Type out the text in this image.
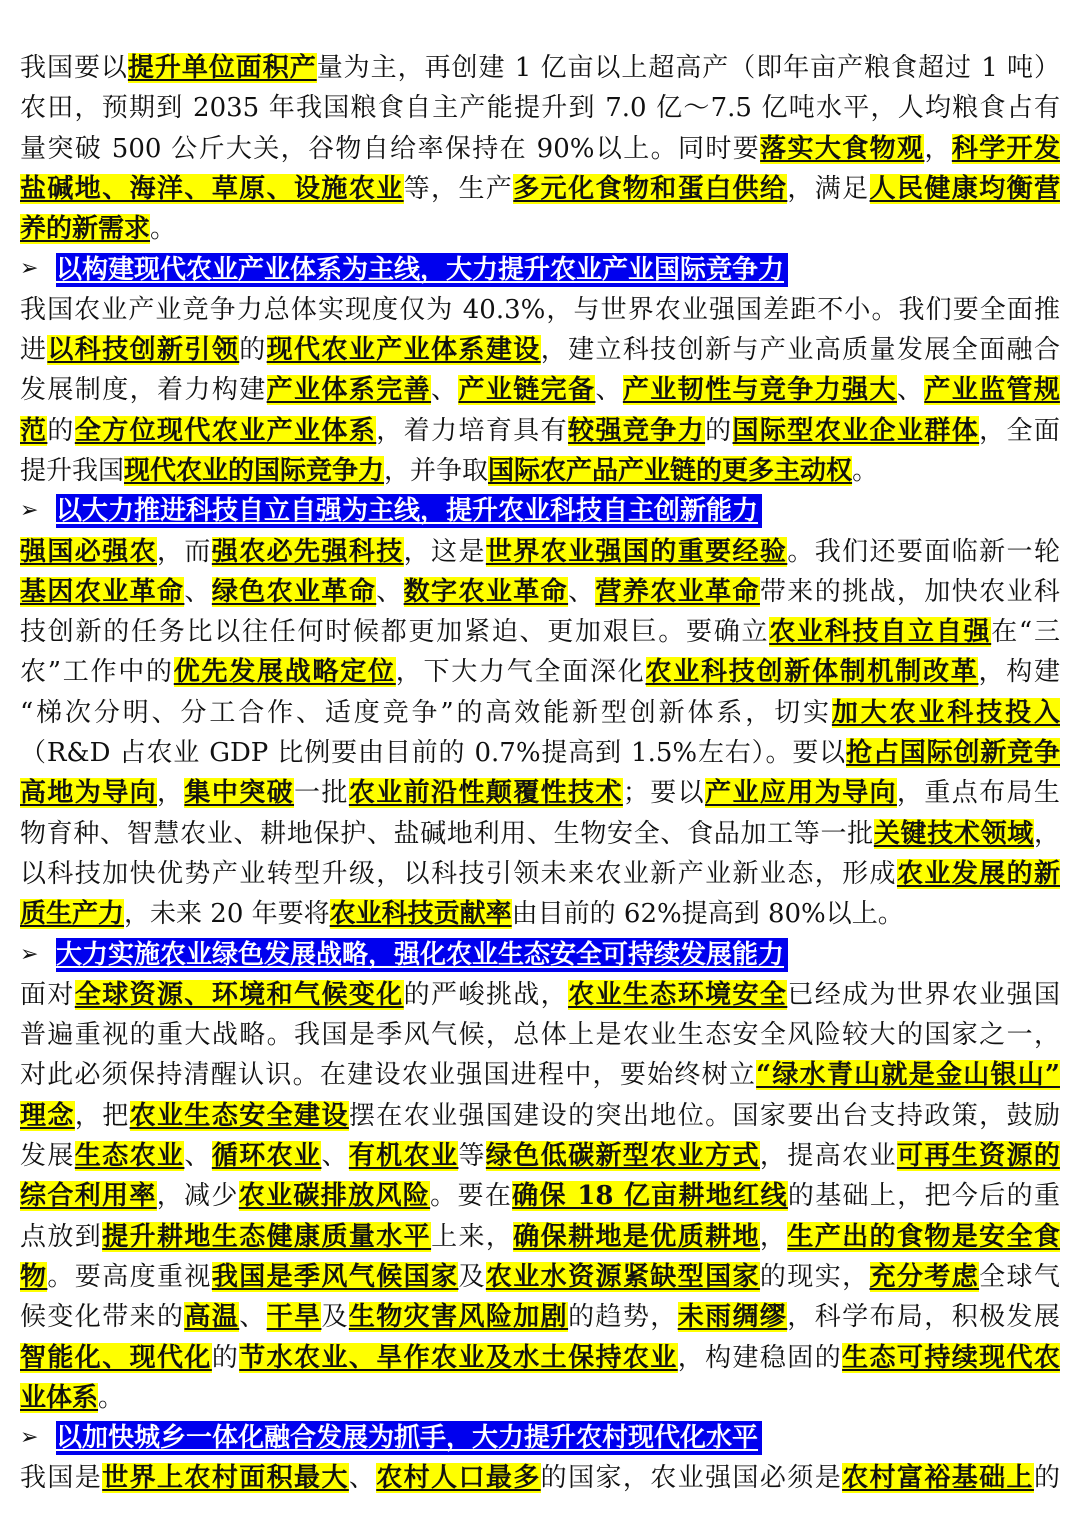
我国要以提升单位面积产量为主，再创建 1 亿亩以上超高产（即年亩产粮食超过 1 吨）
农田，预期到 2035 年我国粮食自主产能提升到 7.0 亿～7.5 亿吨水平，人均粮食占有
量突破 500 公斤大关，谷物自给率保持在 90%以上。同时要落实大食物观，科学开发
盐碱地、海洋、草原、设施农业等，生产多元化食物和蛋白供给，满足人民健康均衡营
养的新需求。
➢ 以构建现代农业产业体系为主线，大力提升农业产业国际竞争力
我国农业产业竞争力总体实现度仅为 40.3%，与世界农业强国差距不小。我们要全面推
进以科技创新引领的现代农业产业体系建设，建立科技创新与产业高质量发展全面融合
发展制度，着力构建产业体系完善、产业链完备、产业韧性与竞争力强大、产业监管规
范的全方位现代农业产业体系，着力培育具有较强竞争力的国际型农业企业群体，全面
提升我国现代农业的国际竞争力，并争取国际农产品产业链的更多主动权。
➢ 以大力推进科技自立自强为主线，提升农业科技自主创新能力
强国必强农，而强农必先强科技，这是世界农业强国的重要经验。我们还要面临新一轮
基因农业革命、绿色农业革命、数字农业革命、营养农业革命带来的挑战，加快农业科
技创新的任务比以往任何时候都更加紧迫、更加艰巨。要确立农业科技自立自强在“三
农”工作中的优先发展战略定位，下大力气全面深化农业科技创新体制机制改革，构建
“梯次分明、分工合作、适度竞争”的高效能新型创新体系，切实加大农业科技投入
（R&D 占农业 GDP 比例要由目前的 0.7%提高到 1.5%左右）。要以抢占国际创新竞争
高地为导向，集中突破一批农业前沿性颠覆性技术；要以产业应用为导向，重点布局生
物育种、智慧农业、耕地保护、盐碱地利用、生物安全、食品加工等一批关键技术领域，
以科技加快优势产业转型升级，以科技引领未来农业新产业新业态，形成农业发展的新
质生产力，未来 20 年要将农业科技贡献率由目前的 62%提高到 80%以上。
➢ 大力实施农业绿色发展战略，强化农业生态安全可持续发展能力
面对全球资源、环境和气候变化的严峻挑战，农业生态环境安全已经成为世界农业强国
普遍重视的重大战略。我国是季风气候，总体上是农业生态安全风险较大的国家之一，
对此必须保持清醒认识。在建设农业强国进程中，要始终树立“绿水青山就是金山银山”
理念，把农业生态安全建设摆在农业强国建设的突出地位。国家要出台支持政策，鼓励
发展生态农业、循环农业、有机农业等绿色低碳新型农业方式，提高农业可再生资源的
综合利用率，减少农业碳排放风险。要在确保 18 亿亩耕地红线的基础上，把今后的重
点放到提升耕地生态健康质量水平上来，确保耕地是优质耕地，生产出的食物是安全食
物。要高度重视我国是季风气候国家及农业水资源紧缺型国家的现实，充分考虑全球气
候变化带来的高温、干旱及生物灾害风险加剧的趋势，未雨绸缪，科学布局，积极发展
智能化、现代化的节水农业、旱作农业及水土保持农业，构建稳固的生态可持续现代农
业体系。
➢ 以加快城乡一体化融合发展为抓手，大力提升农村现代化水平
我国是世界上农村面积最大、农村人口最多的国家，农业强国必须是农村富裕基础上的
